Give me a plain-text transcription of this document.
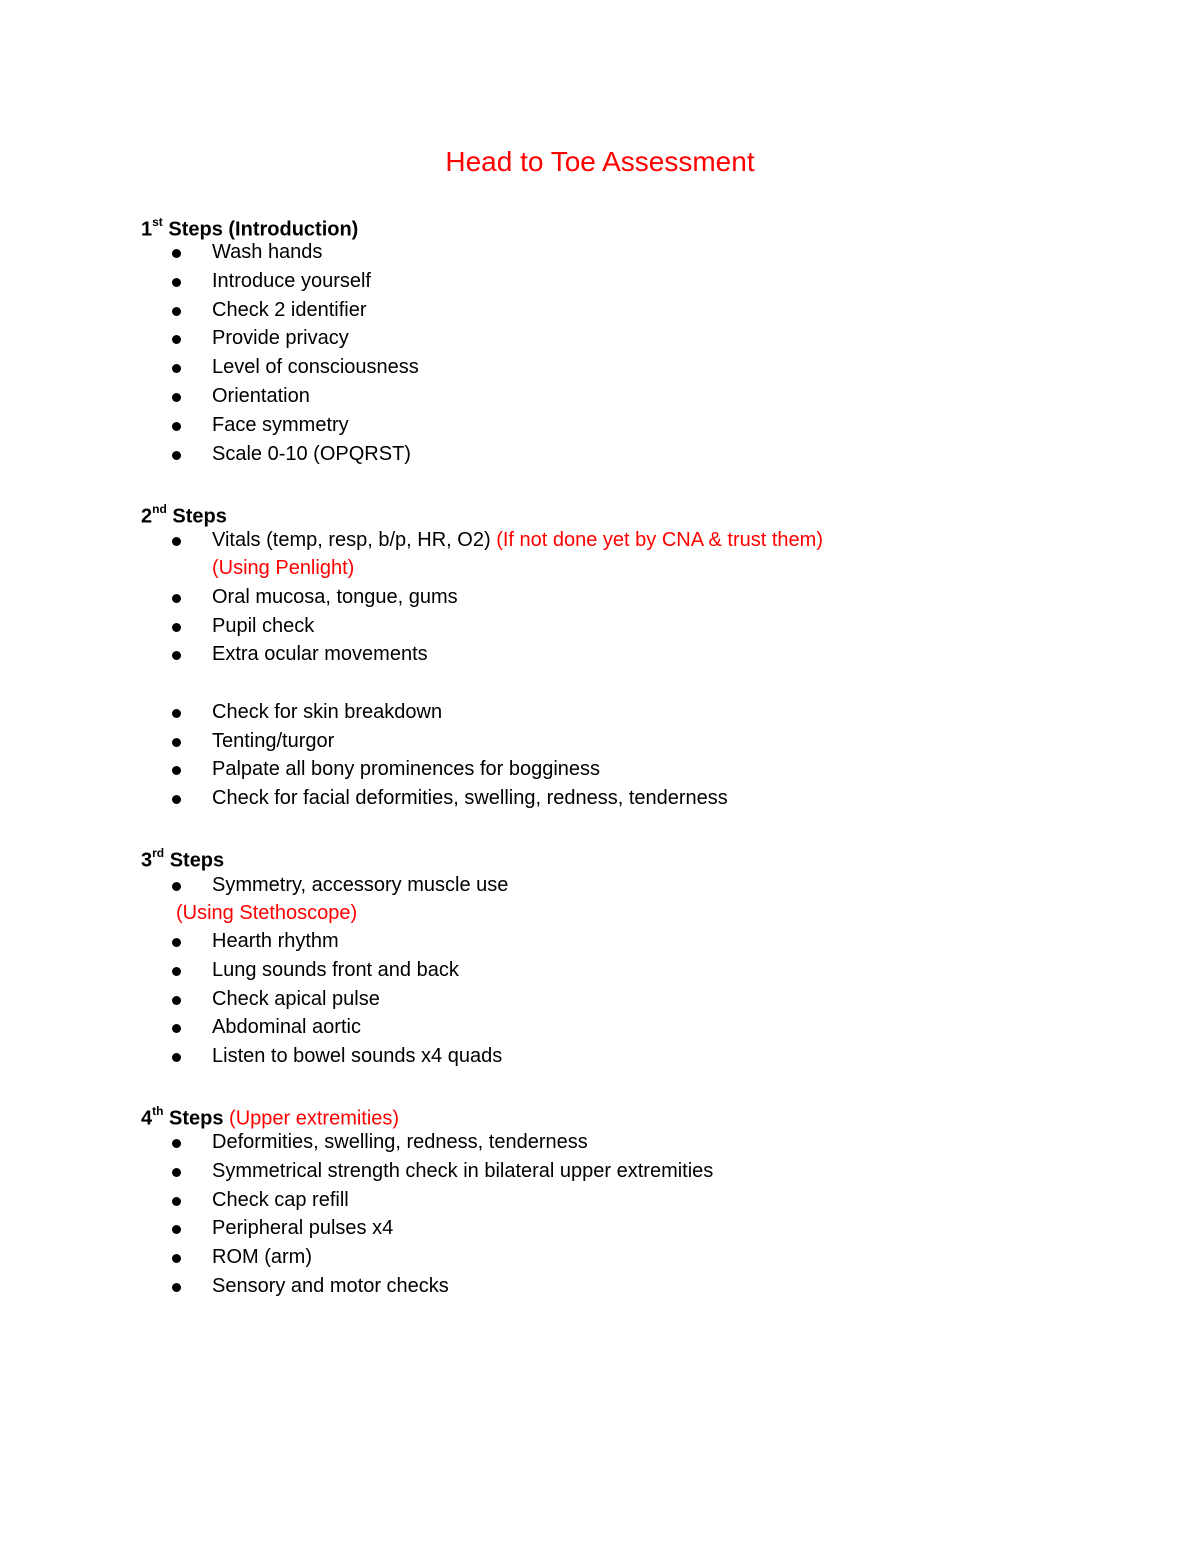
Head to Toe Assessment
1st Steps (Introduction)
Wash hands
Introduce yourself
Check 2 identifier
Provide privacy
Level of consciousness
Orientation
Face symmetry
Scale 0-10 (OPQRST)
2nd Steps
Vitals (temp, resp, b/p, HR, O2) (If not done yet by CNA & trust them)
(Using Penlight)
Oral mucosa, tongue, gums
Pupil check
Extra ocular movements
Check for skin breakdown
Tenting/turgor
Palpate all bony prominences for bogginess
Check for facial deformities, swelling, redness, tenderness
3rd Steps
Symmetry, accessory muscle use
(Using Stethoscope)
Hearth rhythm
Lung sounds front and back
Check apical pulse
Abdominal aortic
Listen to bowel sounds x4 quads
4th Steps (Upper extremities)
Deformities, swelling, redness, tenderness
Symmetrical strength check in bilateral upper extremities
Check cap refill
Peripheral pulses x4
ROM (arm)
Sensory and motor checks
